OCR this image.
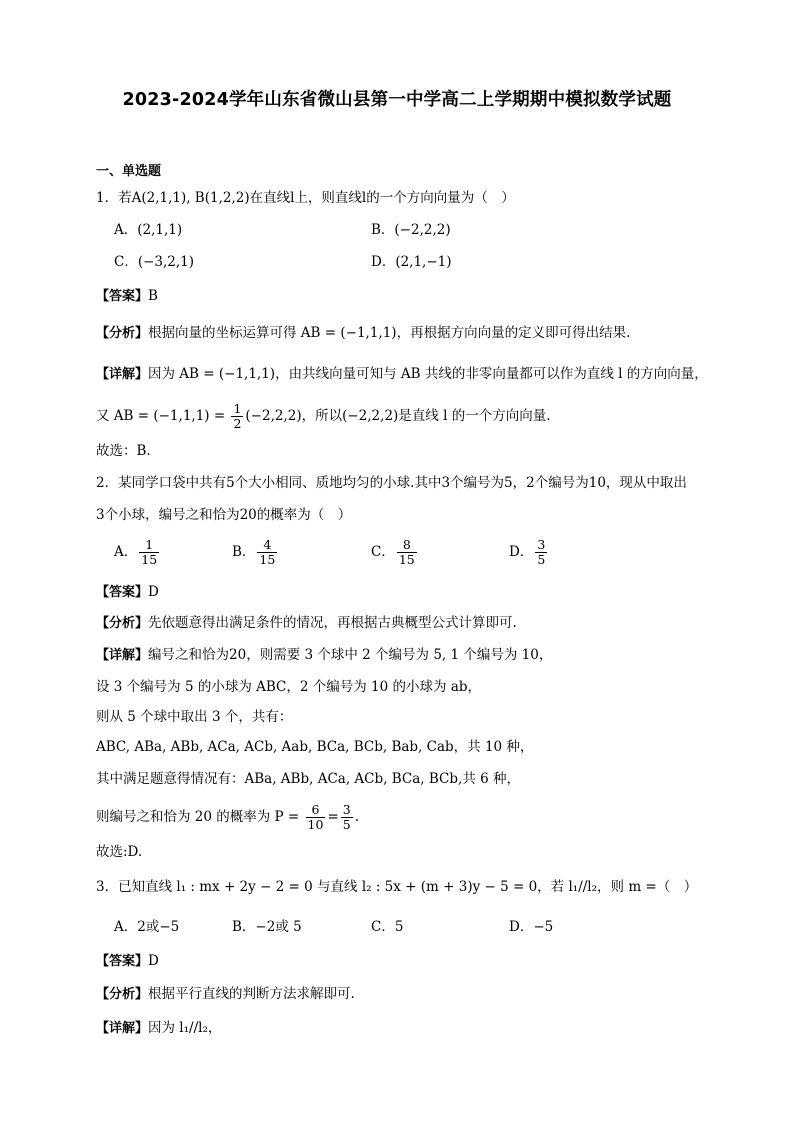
2023-2024学年山东省微山县第一中学高二上学期期中模拟数学试题
一、单选题
1．若A(2,1,1), B(1,2,2)在直线l上，则直线l的一个方向向量为（　）
A．(2,1,1)	B．(−2,2,2)
C．(−3,2,1)	D．(2,1,−1)
【答案】B
【分析】根据向量的坐标运算可得 AB = (−1,1,1)，再根据方向向量的定义即可得出结果.
【详解】因为 AB = (−1,1,1)，由共线向量可知与 AB 共线的非零向量都可以作为直线 l 的方向向量，
又 AB = $(-1,1,1) = \frac{1}{2} (-2,2,2)$，所以(−2,2,2)是直线 l 的一个方向向量.
故选：B.
2．某同学口袋中共有5个大小相同、质地均匀的小球.其中3个编号为5，2个编号为10，现从中取出
3个小球，编号之和恰为20的概率为（　）
A． $\frac{1}{15}$	B． $\frac{4}{15}$	C． $\frac{8}{15}$	D． $\frac{3}{5}$
【答案】D
【分析】先依题意得出满足条件的情况，再根据古典概型公式计算即可.
【详解】编号之和恰为20，则需要 3 个球中 2 个编号为 5, 1 个编号为 10，
设 3 个编号为 5 的小球为 ABC，2 个编号为 10 的小球为 ab，
则从 5 个球中取出 3 个，共有：
ABC, ABa, ABb, ACa, ACb, Aab, BCa, BCb, Bab, Cab，共 10 种，
其中满足题意得情况有：ABa, ABb, ACa, ACb, BCa, BCb,共 6 种，
则编号之和恰为 20 的概率为 $P = \frac{6}{10} = \frac{3}{5}$ .
故选:D.
3．已知直线 l₁ : mx + 2y − 2 = 0 与直线 l₂ : 5x + (m + 3)y − 5 = 0，若 l₁//l₂，则 m =（　）
A．2或−5	B．−2或 5	C．5	D．−5
【答案】D
【分析】根据平行直线的判断方法求解即可.
【详解】因为 l₁//l₂，
